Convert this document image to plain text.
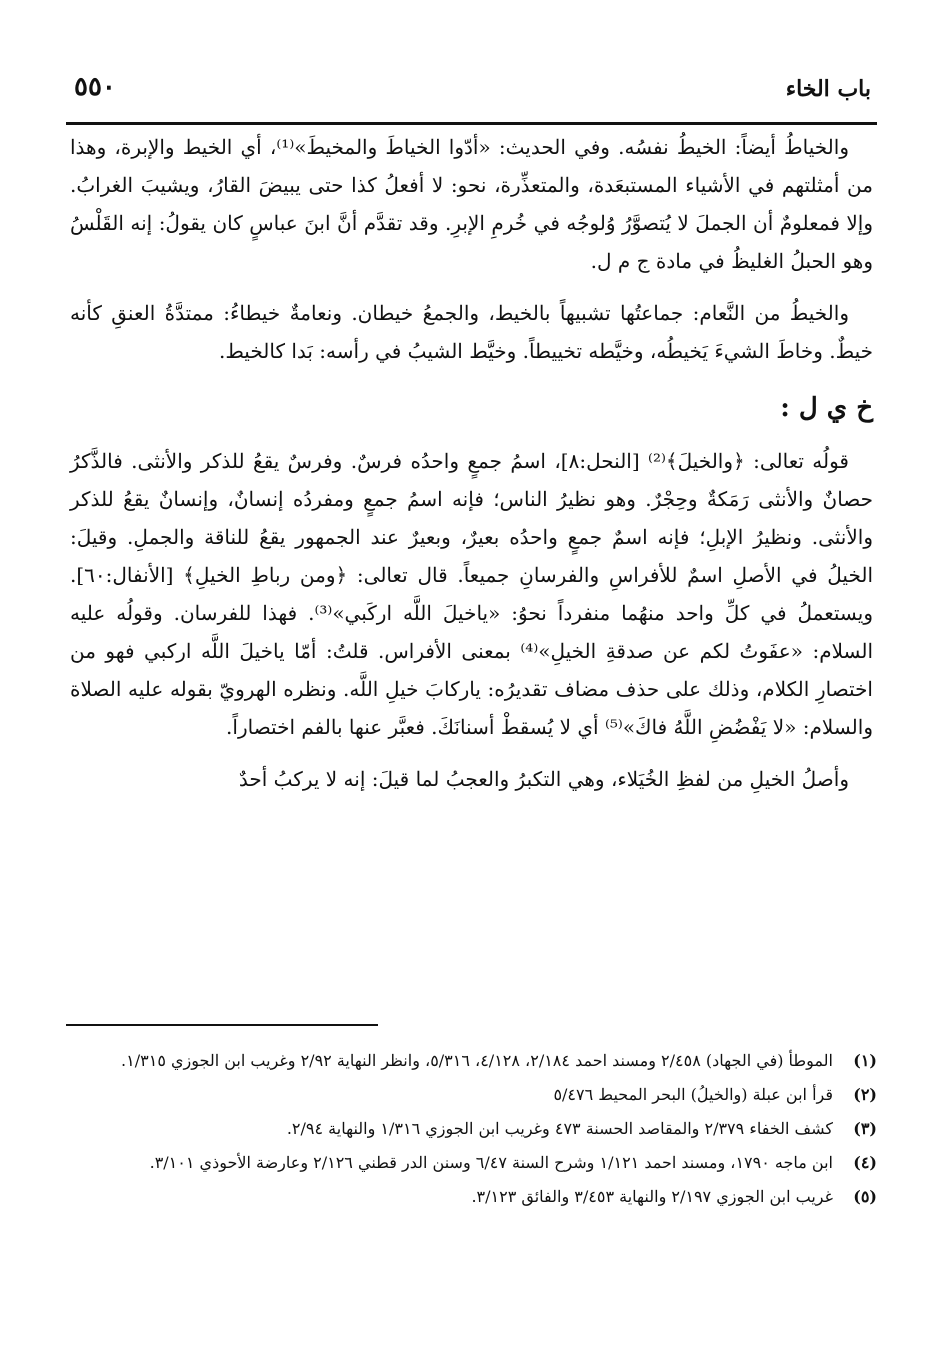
باب الخاء
٥٥٠

والخياطُ أيضاً: الخيطُ نفسُه. وفي الحديث: «أدّوا الخياطَ والمخيطَ»⁽¹⁾، أي الخيط والإبرة، وهذا من أمثلتهم في الأشياء المستبعَدة، والمتعذِّرة، نحو: لا أفعلُ كذا حتى يبيضَ القارُ، ويشيبَ الغرابُ. وإلا فمعلومٌ أن الجملَ لا يُتصوَّرُ وُلوجُه في خُرمِ الإبرِ. وقد تقدَّم أنَّ ابنَ عباسٍ كان يقولُ: إنه القَلْسُ وهو الحبلُ الغليظُ في مادة ج م ل.

والخيطُ من النَّعام: جماعتُها تشبيهاً بالخيط، والجمعُ خيطان. ونعامةٌ خيطاءُ: ممتدَّةُ العنقِ كأنه خيطٌ. وخاطَ الشيءَ يَخيطُه، وخيَّطه تخييطاً. وخيَّط الشيبُ في رأسه: بَدا كالخيط.

خ ي ل :

قولُه تعالى: ﴿والخيلَ﴾⁽²⁾ [النحل:٨]، اسمُ جمعٍ واحدُه فرسٌ. وفرسٌ يقعُ للذكر والأنثى. فالذَّكرُ حصانٌ والأنثى رَمَكةٌ وحِجْرٌ. وهو نظيرُ الناس؛ فإنه اسمُ جمعٍ ومفردُه إنسانٌ، وإنسانٌ يقعُ للذكر والأنثى. ونظيرُ الإبلِ؛ فإنه اسمٌ جمعٍ واحدُه بعيرٌ، وبعيرٌ عند الجمهور يقعُ للناقة والجملِ. وقيلَ: الخيلُ في الأصلِ اسمٌ للأفراسِ والفرسانِ جميعاً. قال تعالى: ﴿ومن رباطِ الخيلِ﴾ [الأنفال:٦٠]. ويستعملُ في كلِّ واحد منهُما منفرداً نحوُ: «ياخيلَ اللَّه اركَبي»⁽³⁾. فهذا للفرسان. وقولُه عليه السلام: «عفَوتُ لكم عن صدقةِ الخيلِ»⁽⁴⁾ بمعنى الأفراس. قلتُ: أمّا ياخيلَ اللَّه اركبي فهو من اختصارِ الكلام، وذلك على حذف مضاف تقديرُه: ياركابَ خيلِ اللَّه. ونظره الهرويّ بقوله عليه الصلاة والسلام: «لا يَفْضُضِ اللَّهُ فاكَ»⁽⁵⁾ أي لا يُسقطْ أسنانَكَ. فعبَّر عنها بالفم اختصاراً.

وأصلُ الخيلِ من لفظِ الخُيَلاء، وهي التكبرُ والعجبُ لما قيلَ: إنه لا يركبُ أحدٌ

(١)
الموطأ (في الجهاد) ٢/٤٥٨ ومسند احمد ٢/١٨٤، ٤/١٢٨، ٥/٣١٦، وانظر النهاية ٢/٩٢ وغريب ابن الجوزي ١/٣١٥.
(٢)
قرأ ابن عبلة (والخيلُ) البحر المحيط ٥/٤٧٦
(٣)
كشف الخفاء ٢/٣٧٩ والمقاصد الحسنة ٤٧٣ وغريب ابن الجوزي ١/٣١٦ والنهاية ٢/٩٤.
(٤)
ابن ماجه ١٧٩٠، ومسند احمد ١/١٢١ وشرح السنة ٦/٤٧ وسنن الدر قطني ٢/١٢٦ وعارضة الأحوذي ٣/١٠١.
(٥)
غريب ابن الجوزي ٢/١٩٧ والنهاية ٣/٤٥٣ والفائق ٣/١٢٣.
